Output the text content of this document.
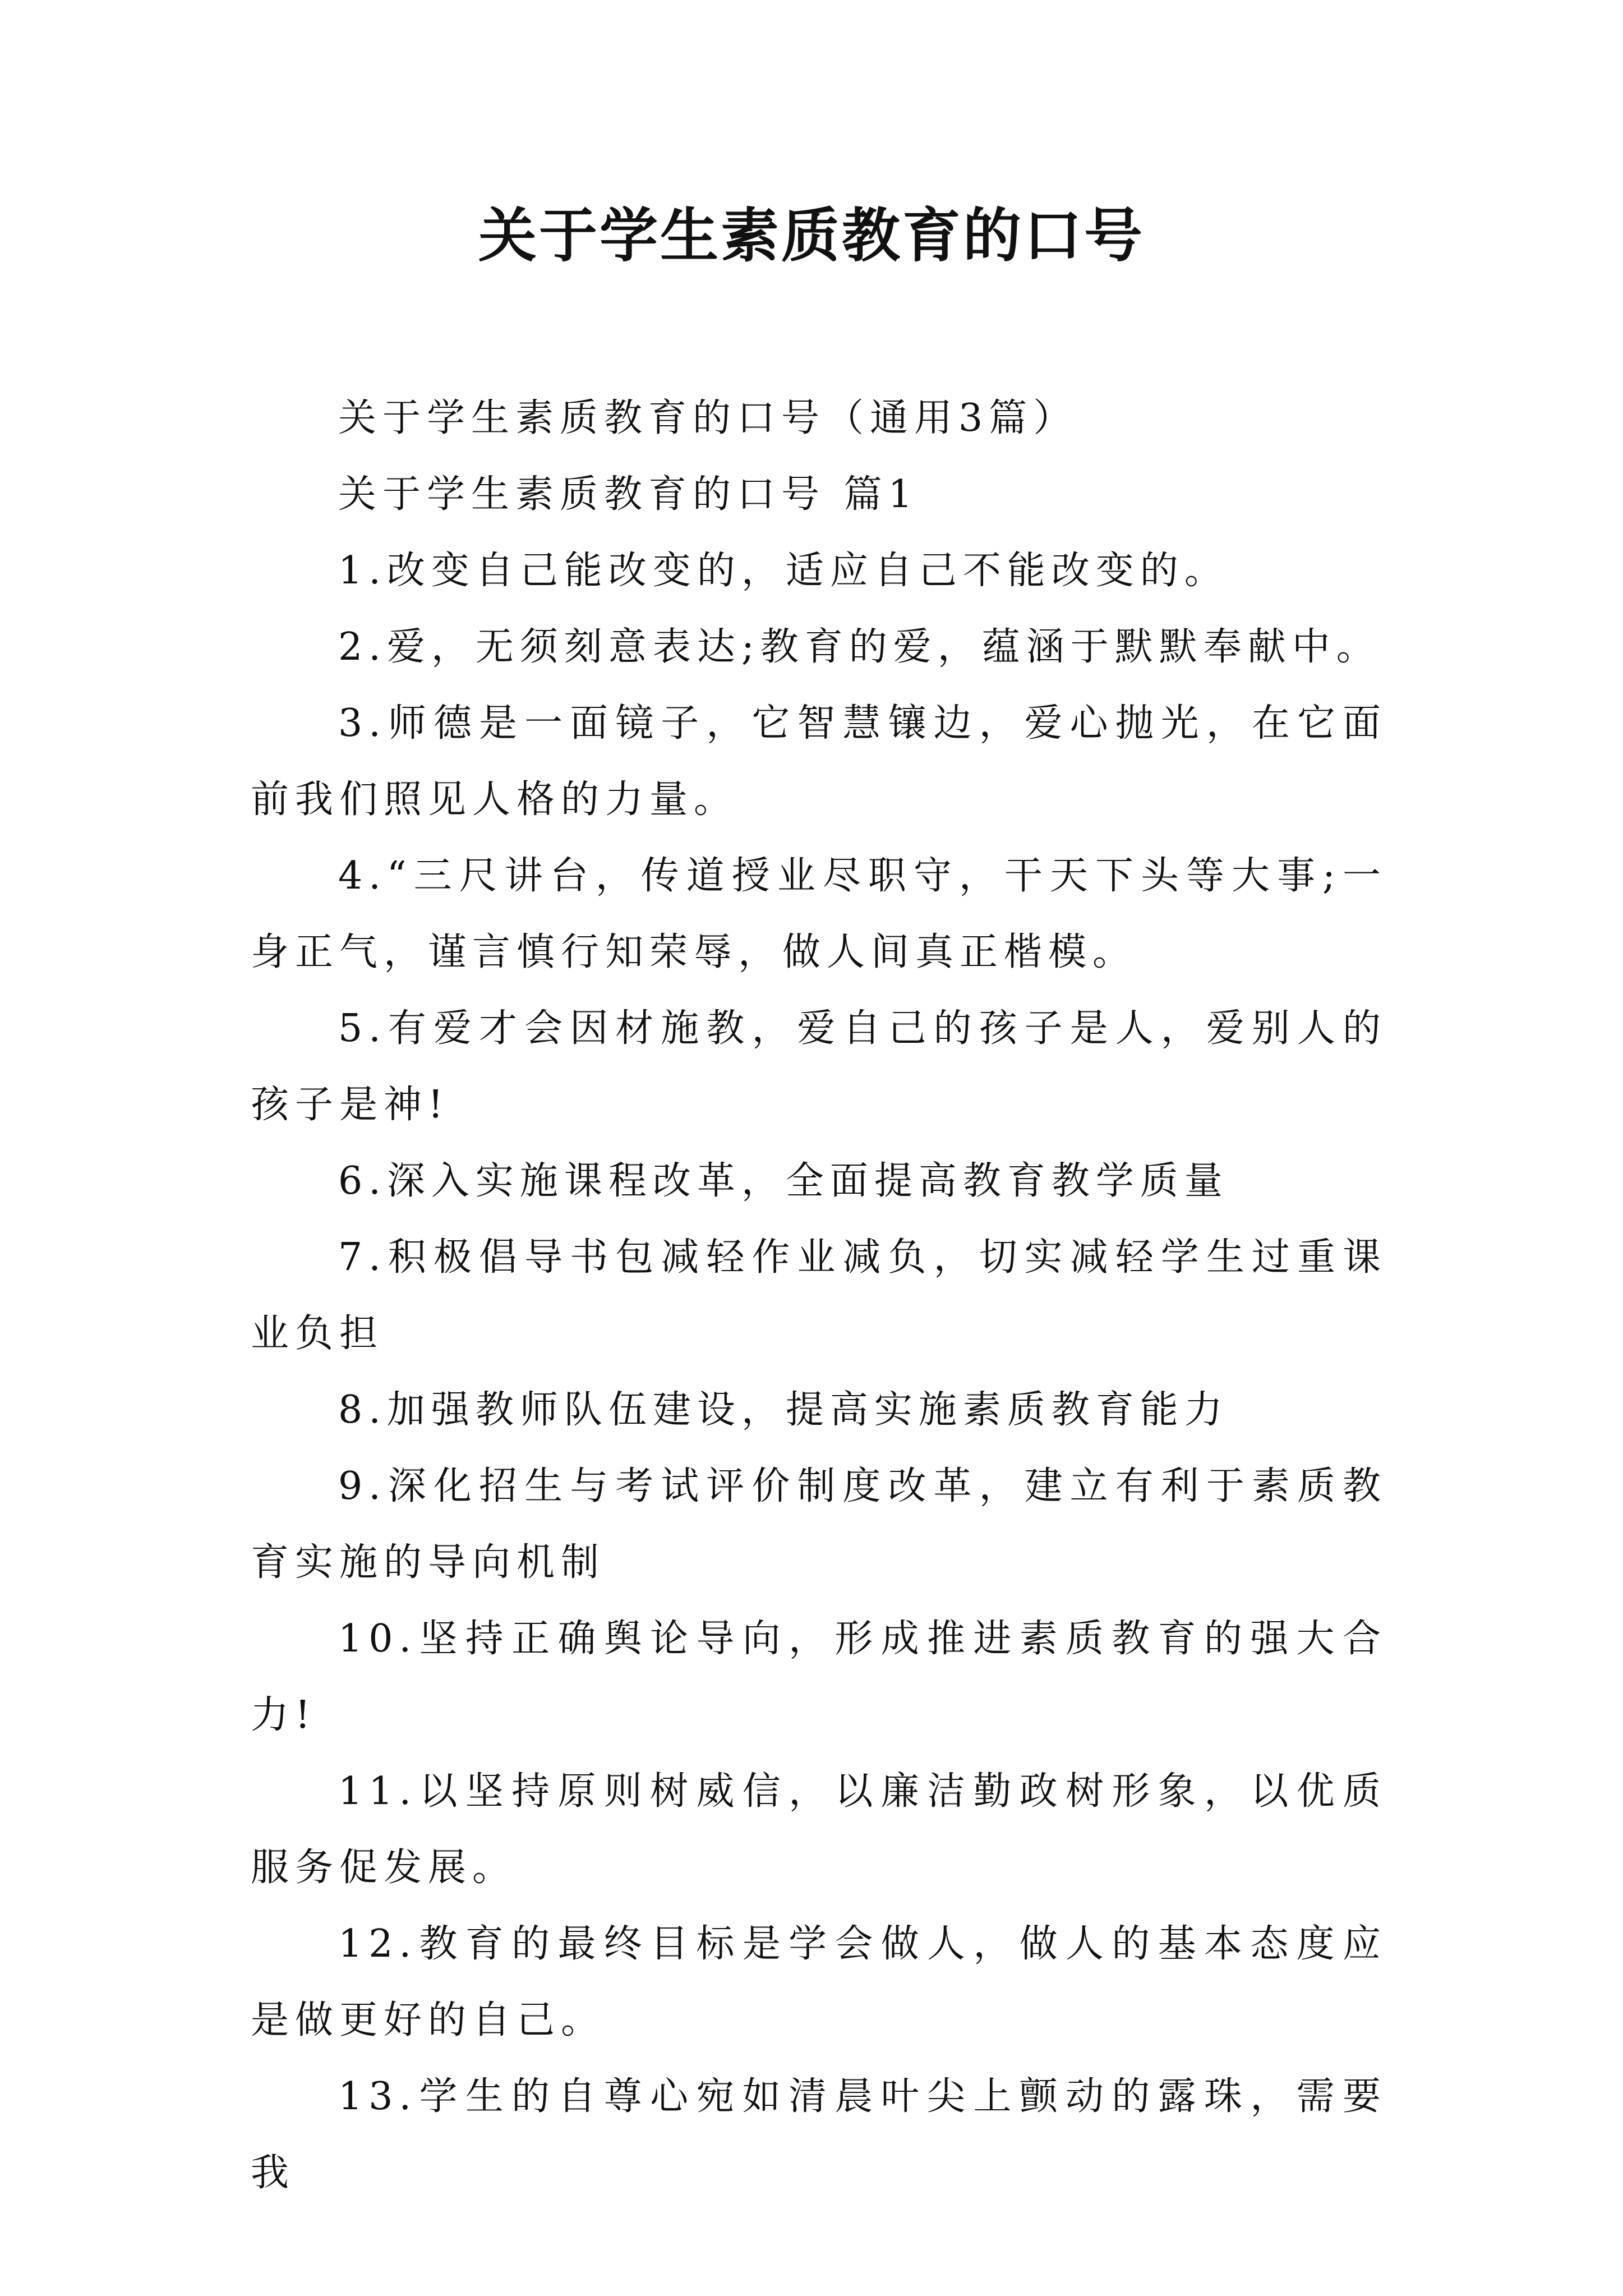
关于学生素质教育的口号

关于学生素质教育的口号（通用3篇）

关于学生素质教育的口号 篇1

1.改变自己能改变的，适应自己不能改变的。

2.爱，无须刻意表达;教育的爱，蕴涵于默默奉献中。

3.师德是一面镜子，它智慧镶边，爱心抛光，在它面前我们照见人格的力量。

4.“三尺讲台，传道授业尽职守，干天下头等大事;一身正气，谨言慎行知荣辱，做人间真正楷模。

5.有爱才会因材施教，爱自己的孩子是人，爱别人的孩子是神!

6.深入实施课程改革，全面提高教育教学质量

7.积极倡导书包减轻作业减负，切实减轻学生过重课业负担

8.加强教师队伍建设，提高实施素质教育能力

9.深化招生与考试评价制度改革，建立有利于素质教育实施的导向机制

10.坚持正确舆论导向，形成推进素质教育的强大合力!

11.以坚持原则树威信，以廉洁勤政树形象，以优质服务促发展。

12.教育的最终目标是学会做人，做人的基本态度应是做更好的自己。

13.学生的自尊心宛如清晨叶尖上颤动的露珠，需要我
